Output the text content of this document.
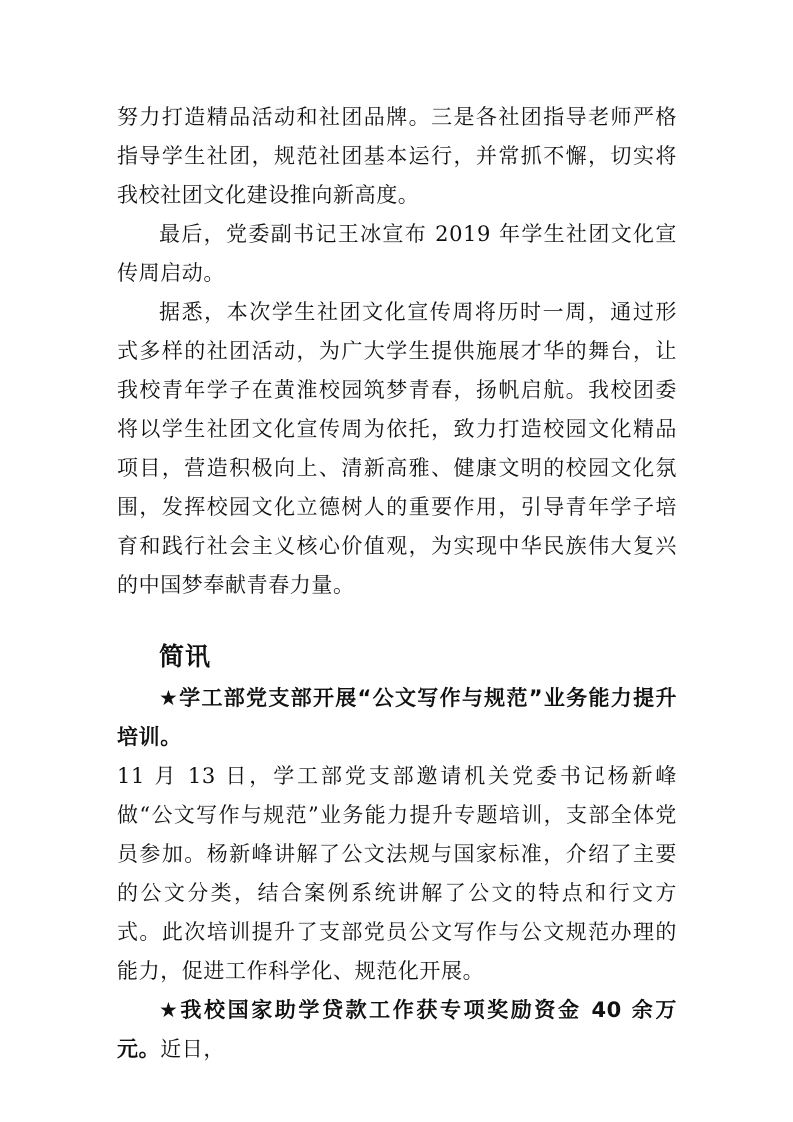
努力打造精品活动和社团品牌。三是各社团指导老师严格指导学生社团，规范社团基本运行，并常抓不懈，切实将我校社团文化建设推向新高度。

最后，党委副书记王冰宣布 2019 年学生社团文化宣传周启动。

据悉，本次学生社团文化宣传周将历时一周，通过形式多样的社团活动，为广大学生提供施展才华的舞台，让我校青年学子在黄淮校园筑梦青春，扬帆启航。我校团委将以学生社团文化宣传周为依托，致力打造校园文化精品项目，营造积极向上、清新高雅、健康文明的校园文化氛围，发挥校园文化立德树人的重要作用，引导青年学子培育和践行社会主义核心价值观，为实现中华民族伟大复兴的中国梦奉献青春力量。

简讯

★学工部党支部开展“公文写作与规范”业务能力提升培训。

11 月 13 日，学工部党支部邀请机关党委书记杨新峰做“公文写作与规范”业务能力提升专题培训，支部全体党员参加。杨新峰讲解了公文法规与国家标准，介绍了主要的公文分类，结合案例系统讲解了公文的特点和行文方式。此次培训提升了支部党员公文写作与公文规范办理的能力，促进工作科学化、规范化开展。

★我校国家助学贷款工作获专项奖励资金 40 余万元。近日，
